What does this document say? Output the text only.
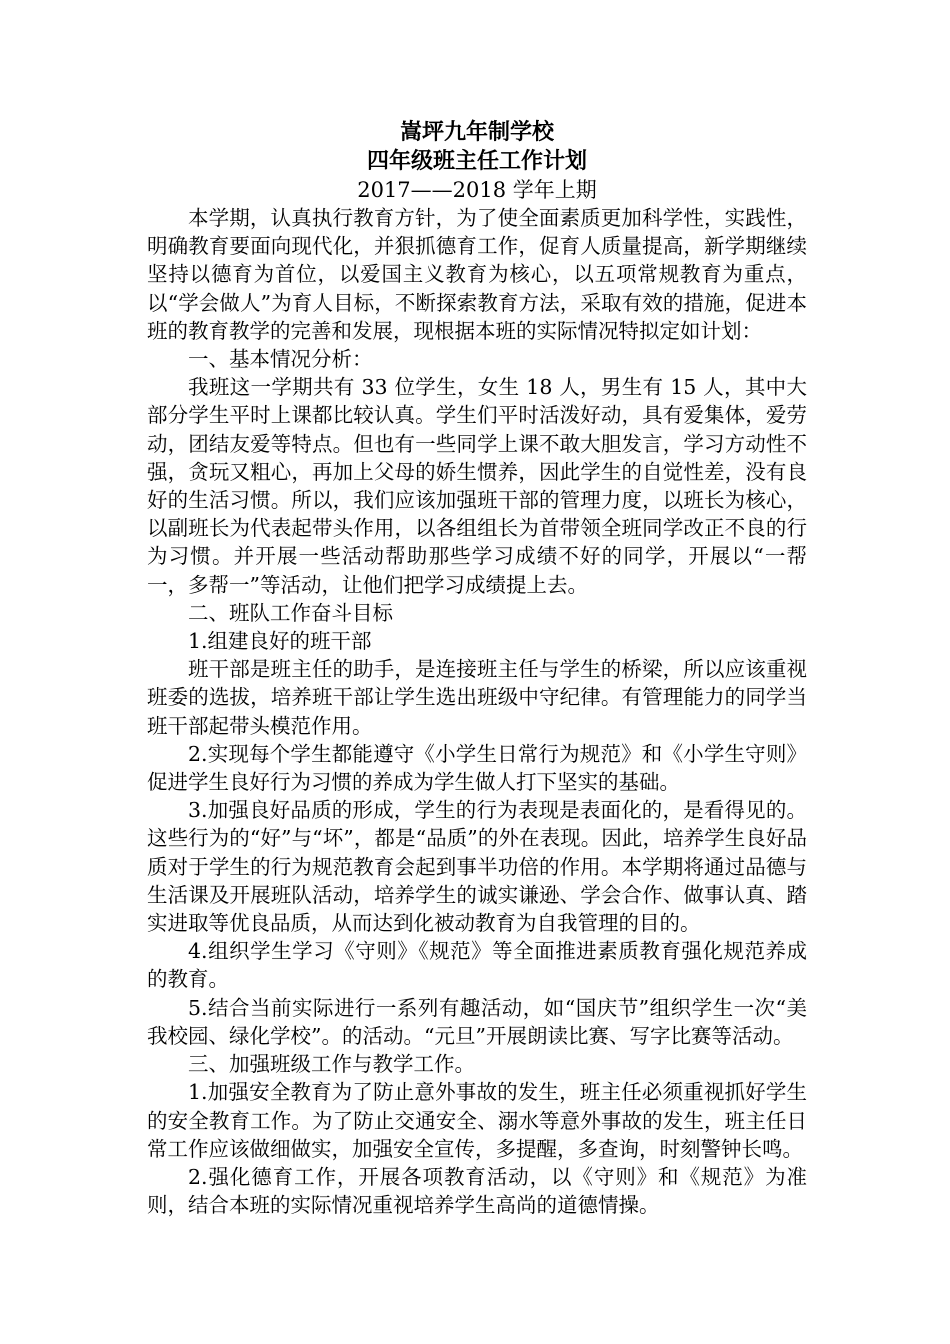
嵩坪九年制学校

四年级班主任工作计划

2017——2018 学年上期

本学期，认真执行教育方针，为了使全面素质更加科学性，实践性，明确教育要面向现代化，并狠抓德育工作，促育人质量提高，新学期继续坚持以德育为首位，以爱国主义教育为核心，以五项常规教育为重点，以“学会做人”为育人目标，不断探索教育方法，采取有效的措施，促进本班的教育教学的完善和发展，现根据本班的实际情况特拟定如计划：

一、基本情况分析：

我班这一学期共有 33 位学生，女生 18 人，男生有 15 人，其中大部分学生平时上课都比较认真。学生们平时活泼好动，具有爱集体，爱劳动，团结友爱等特点。但也有一些同学上课不敢大胆发言，学习方动性不强，贪玩又粗心，再加上父母的娇生惯养，因此学生的自觉性差，没有良好的生活习惯。所以，我们应该加强班干部的管理力度，以班长为核心，以副班长为代表起带头作用，以各组组长为首带领全班同学改正不良的行为习惯。并开展一些活动帮助那些学习成绩不好的同学，开展以“一帮一，多帮一”等活动，让他们把学习成绩提上去。

二、班队工作奋斗目标

1.组建良好的班干部

班干部是班主任的助手，是连接班主任与学生的桥梁，所以应该重视班委的选拔，培养班干部让学生选出班级中守纪律。有管理能力的同学当班干部起带头模范作用。

2.实现每个学生都能遵守《小学生日常行为规范》和《小学生守则》促进学生良好行为习惯的养成为学生做人打下坚实的基础。

3.加强良好品质的形成，学生的行为表现是表面化的，是看得见的。这些行为的“好”与“坏”，都是“品质”的外在表现。因此，培养学生良好品质对于学生的行为规范教育会起到事半功倍的作用。本学期将通过品德与生活课及开展班队活动，培养学生的诚实谦逊、学会合作、做事认真、踏实进取等优良品质，从而达到化被动教育为自我管理的目的。

4.组织学生学习《守则》《规范》等全面推进素质教育强化规范养成的教育。

5.结合当前实际进行一系列有趣活动，如“国庆节”组织学生一次“美我校园、绿化学校”。的活动。“元旦”开展朗读比赛、写字比赛等活动。

三、加强班级工作与教学工作。

1.加强安全教育为了防止意外事故的发生，班主任必须重视抓好学生的安全教育工作。为了防止交通安全、溺水等意外事故的发生，班主任日常工作应该做细做实，加强安全宣传，多提醒，多查询，时刻警钟长鸣。

2.强化德育工作，开展各项教育活动，以《守则》和《规范》为准则，结合本班的实际情况重视培养学生高尚的道德情操。
